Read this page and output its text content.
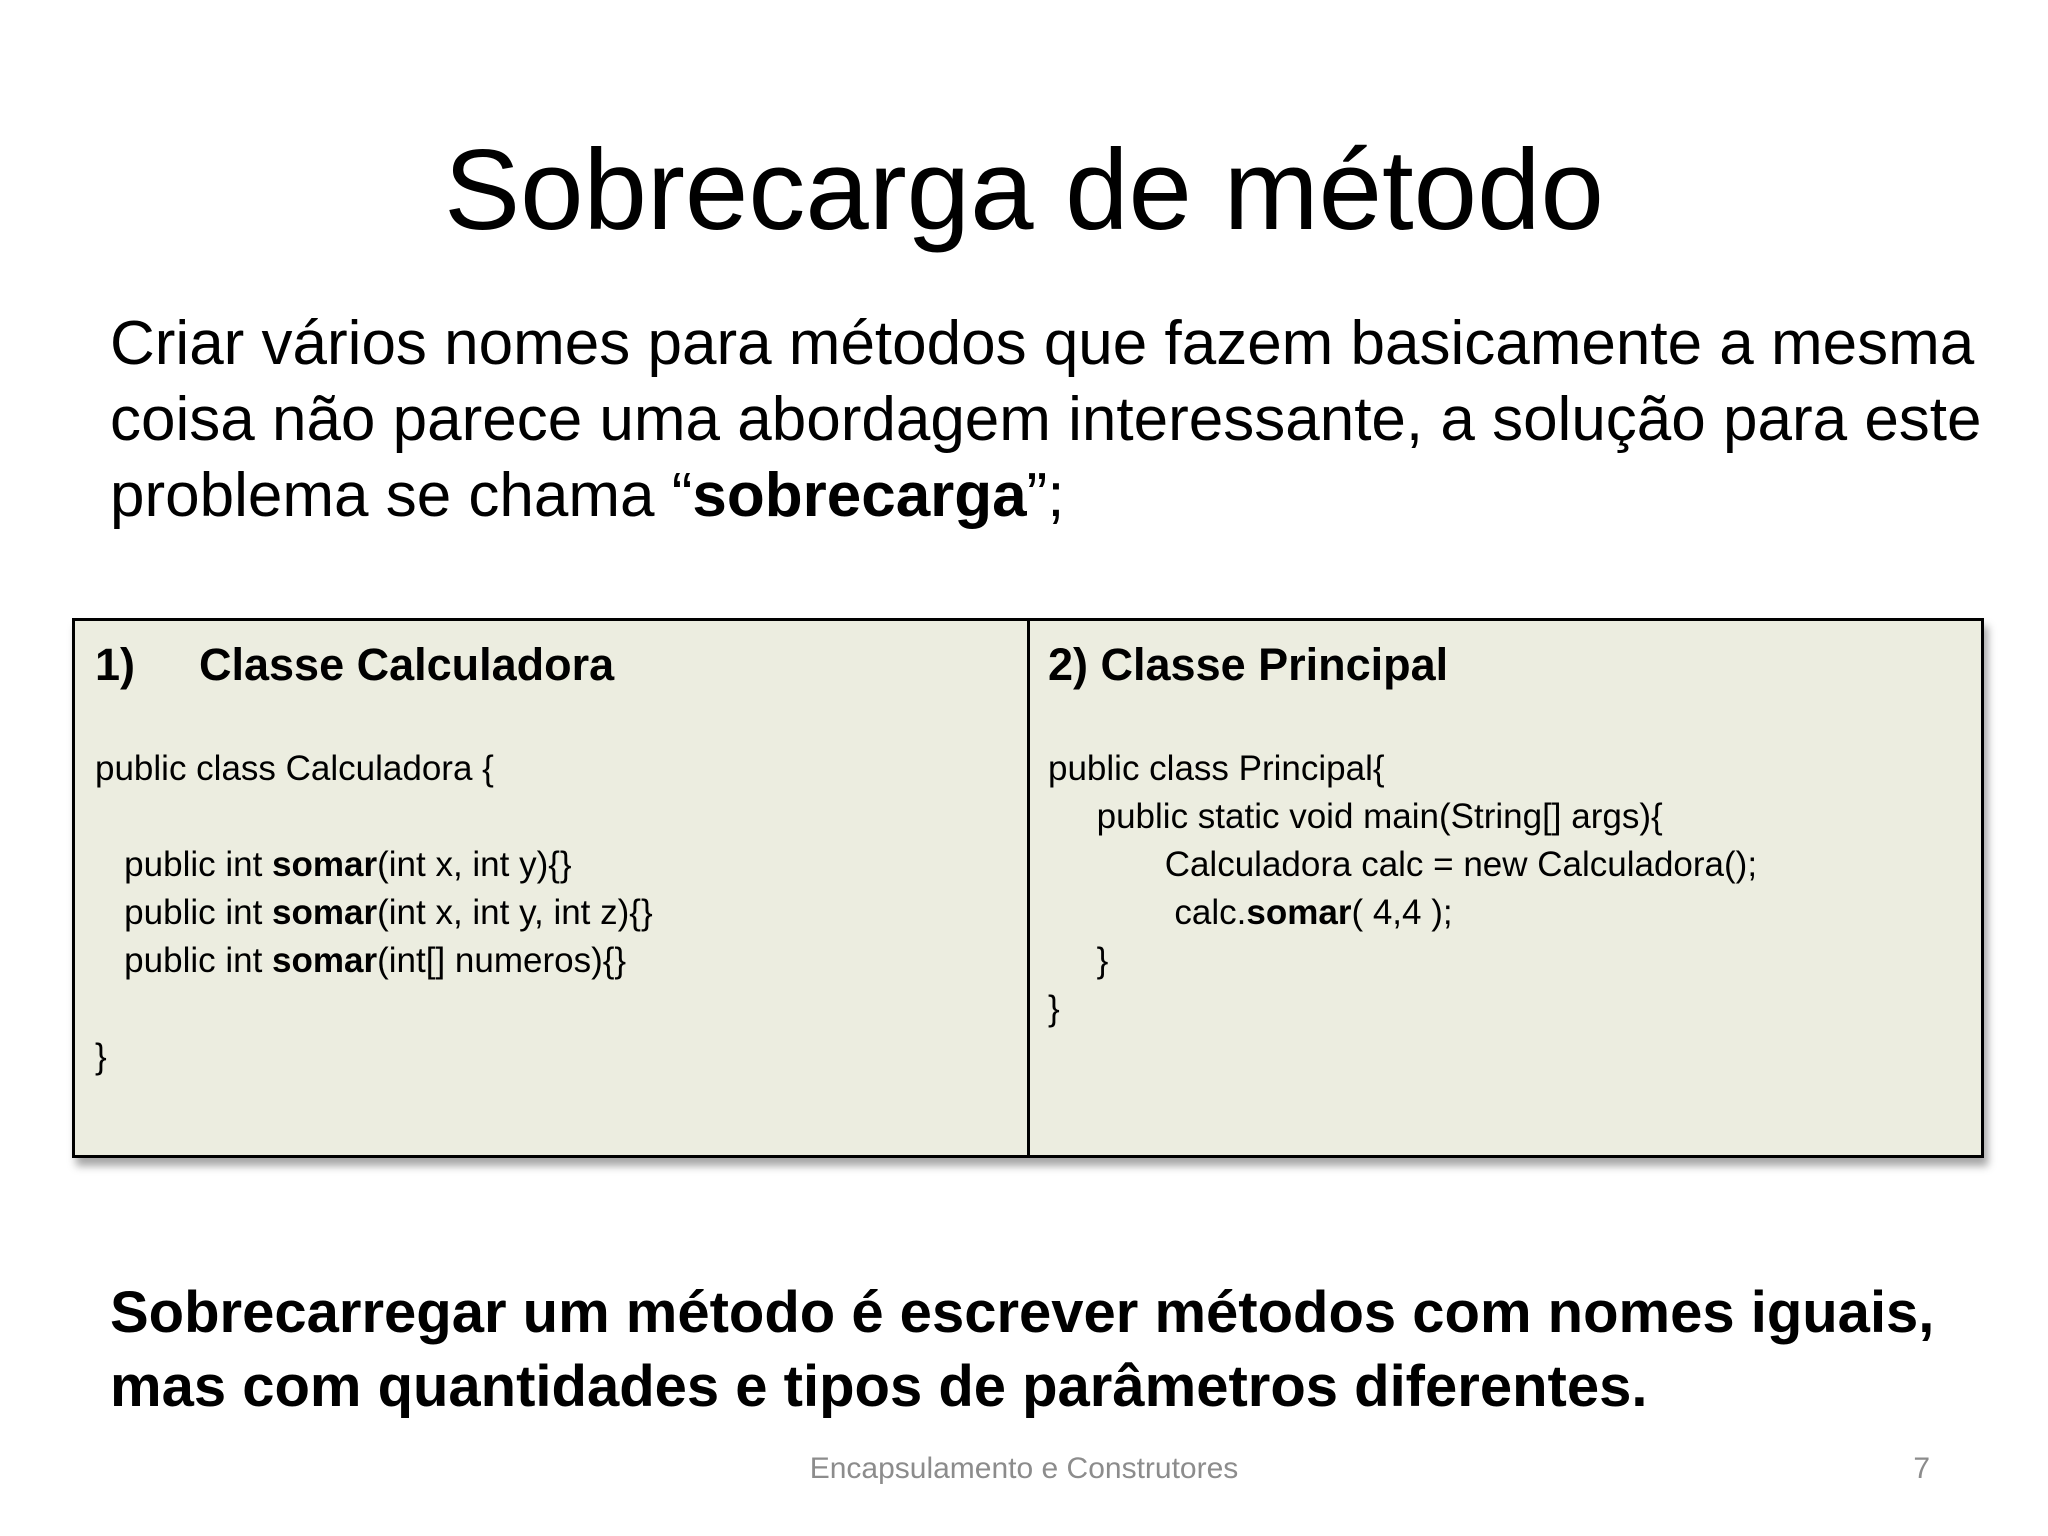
Sobrecarga de método

Criar vários nomes para métodos que fazem basicamente a mesma coisa não parece uma abordagem interessante, a solução para este problema se chama “sobrecarga”;

1) Classe Calculadora
public class Calculadora {
public int somar(int x, int y){}
public int somar(int x, int y, int z){}
public int somar(int[] numeros){}
}
2) Classe Principal
public class Principal{
public static void main(String[] args){
Calculadora calc = new Calculadora();
calc.somar( 4,4 );
}
}

Sobrecarregar um método é escrever métodos com nomes iguais, mas com quantidades e tipos de parâmetros diferentes.

Encapsulamento e Construtores	7
